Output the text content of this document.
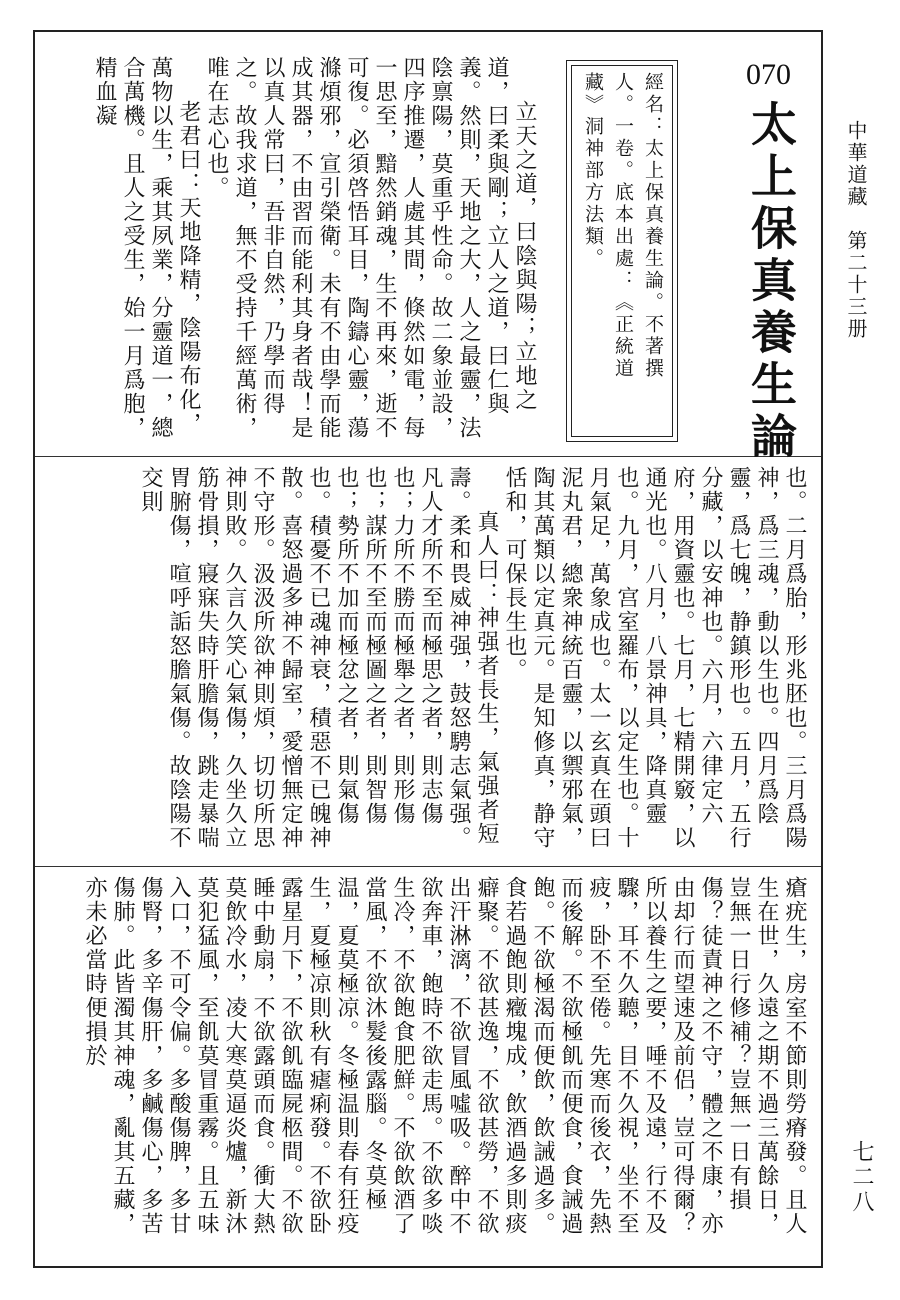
中華道藏　第二十三册
七二八
070
太上保真養生論
經名：太上保真養生論。不著撰
人。一卷。底本出處：《正統道
藏》洞神部方法類。

立天之道，曰陰與陽；立地之道，曰柔與剛；立人之道，曰仁與義。然則，天地之大，人之最靈，法陰禀陽，莫重乎性命。故二象並設，四序推遷，人處其間，倏然如電，每一思至，黯然銷魂，生不再來，逝不可復。必須啓悟耳目，陶鑄心靈，蕩滌煩邪，宣引榮衛。未有不由學而能成其器，不由習而能利其身者哉！是以真人常曰，吾非自然，乃學而得之。故我求道，無不受持千經萬術，唯在志心也。

老君曰：天地降精，陰陽布化，萬物以生，乘其夙業，分靈道一，總合萬機。且人之受生，始一月爲胞，精血凝

也。二月爲胎，形兆胚也。三月爲陽神，爲三魂，動以生也。四月爲陰靈，爲七魄，静鎮形也。五月，五行分藏，以安神也。六月，六律定六府，用資靈也。七月，七精開竅，以通光也。八月，八景神具，降真靈也。九月，宫室羅布，以定生也。十月氣足，萬象成也。太一玄真在頭曰泥丸君，總衆神統百靈，以禦邪氣，陶其萬類以定真元。是知修真，静守恬和，可保長生也。

真人曰：神强者長生，氣强者短壽。柔和畏威神强，鼓怒騁志氣强。凡人才所不至而極思之者，則志傷也；力所不勝而極舉之者，則形傷也；謀所不至而極圖之者，則智傷也；勢所不加而極忿之者，則氣傷也。積憂不已魂神衰，積惡不已魄神散。喜怒過多神不歸室，愛憎無定神不守形。汲汲所欲神則煩，切切所思神則敗。久言久笑心氣傷，久坐久立筋骨損，寢寐失時肝膽傷，跳走暴喘胃腑傷，喧呼詬怒膽氣傷。故陰陽不交則

瘡疣生，房室不節則勞瘠發。且人生在世，久遠之期不過三萬餘日，豈無一日行修補？豈無一日有損傷？徒責神之不守，體之不康，亦由却行而望速及前侣，豈可得爾？所以養生之要，唾不及遠，行不及驟，耳不久聽，目不久視，坐不至疲，卧不至倦。先寒而後衣，先熱而後解。不欲極飢而便食，食誡過飽。不欲極渴而便飲，飲誡過多。食若過飽則癥塊成，飲酒過多則痰癖聚。不欲甚逸，不欲甚勞，不欲出汗淋漓，不欲冒風噓吸。醉中不欲奔車，飽時不欲走馬。不欲多啖生冷，不欲飽食肥鮮。不欲飲酒了當風，不欲沐髮後露腦。冬莫極温，夏莫極凉。冬極温則春有狂疫生，夏極凉則秋有瘧痢發。不欲卧露星月下，不欲飢臨屍柩間。不欲睡中動扇，不欲露頭而食。衝大熱莫飲冷水，凌大寒莫逼炎爐，新沐莫犯猛風，至飢莫冒重霧。且五味入口，不可令偏。多酸傷脾，多甘傷腎，多辛傷肝，多鹹傷心，多苦傷肺。此皆濁其神魂，亂其五藏，亦未必當時便損於
